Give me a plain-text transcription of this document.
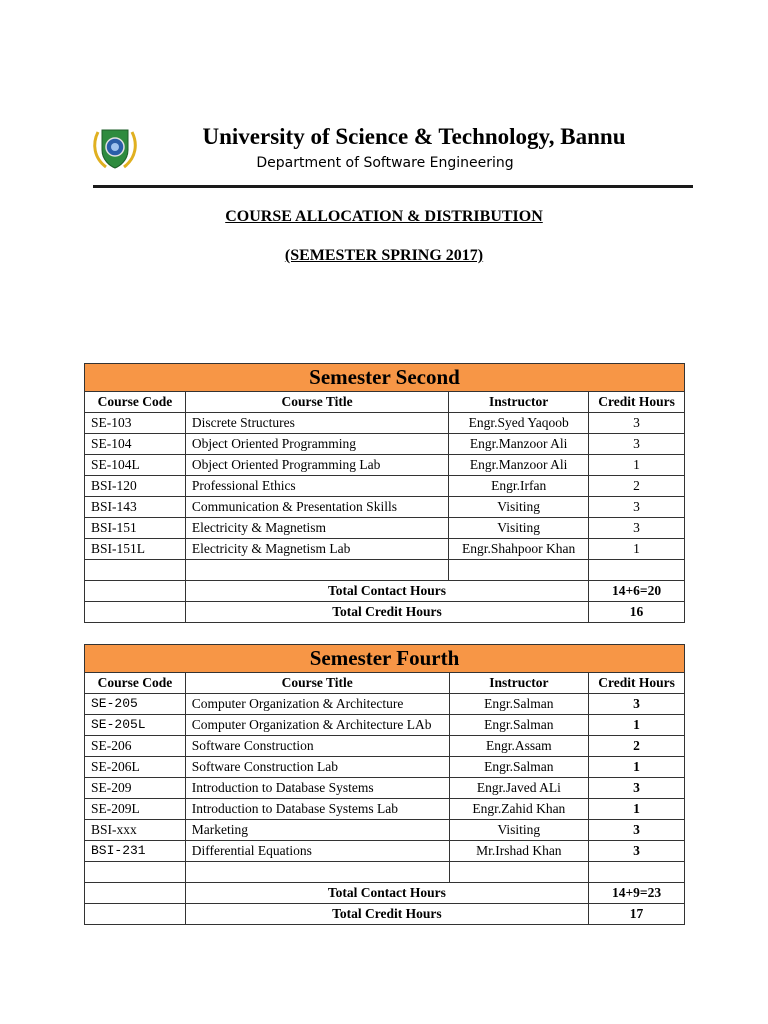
University of Science & Technology, Bannu
Department of Software Engineering
COURSE ALLOCATION & DISTRIBUTION
(SEMESTER SPRING 2017)
Semester Second			
Course Code	Course Title	Instructor	Credit Hours
SE-103	Discrete Structures	Engr.Syed Yaqoob	3
SE-104	Object Oriented Programming	Engr.Manzoor Ali	3
SE-104L	Object Oriented Programming Lab	Engr.Manzoor Ali	1
BSI-120	Professional Ethics	Engr.Irfan	2
BSI-143	Communication & Presentation Skills	Visiting	3
BSI-151	Electricity & Magnetism	Visiting	3
BSI-151L	Electricity & Magnetism Lab	Engr.Shahpoor Khan	1

	Total Contact Hours		14+6=20
	Total Credit Hours		16
Semester Fourth			
Course Code	Course Title	Instructor	Credit Hours
SE-205	Computer Organization & Architecture	Engr.Salman	3
SE-205L	Computer Organization & Architecture LAb	Engr.Salman	1
SE-206	Software Construction	Engr.Assam	2
SE-206L	Software Construction Lab	Engr.Salman	1
SE-209	Introduction to Database Systems	Engr.Javed ALi	3
SE-209L	Introduction to Database Systems Lab	Engr.Zahid Khan	1
BSI-xxx	Marketing	Visiting	3
BSI-231	Differential Equations	Mr.Irshad Khan	3

	Total Contact Hours		14+9=23
	Total Credit Hours		17
